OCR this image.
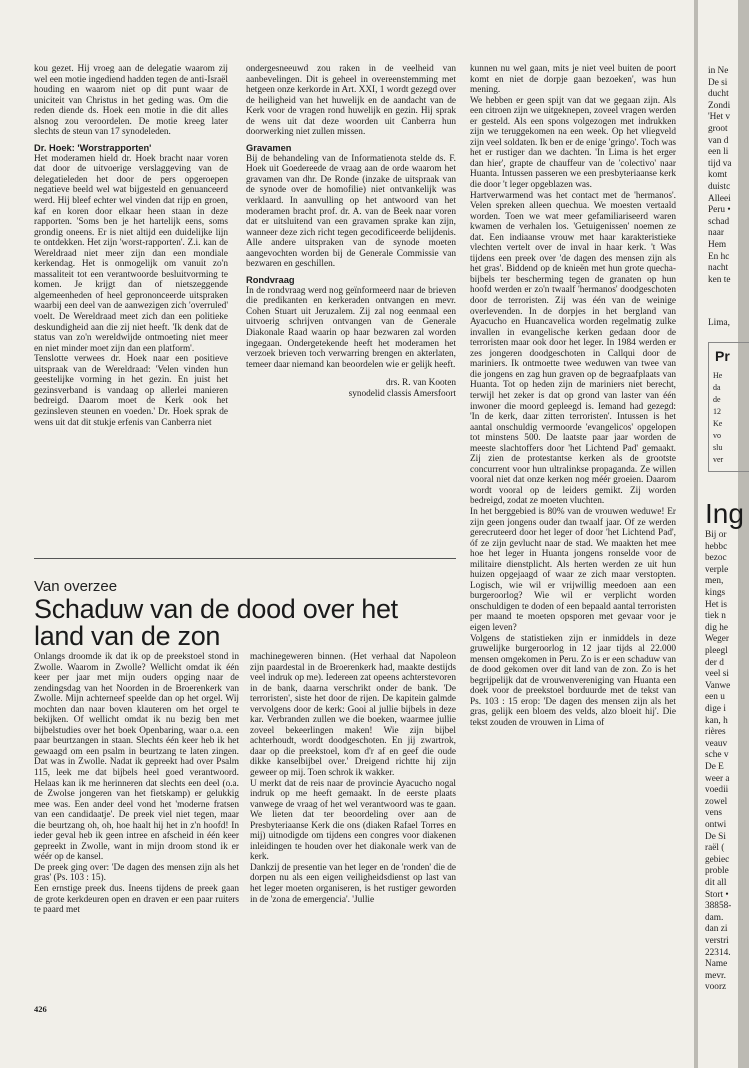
kou gezet. Hij vroeg aan de delegatie waarom zij wel een motie ingediend hadden tegen de anti-Israël houding en waarom niet op dit punt waar de uniciteit van Christus in het geding was. Om die reden diende ds. Hoek een motie in die dit alles alsnog zou veroordelen. De motie kreeg later slechts de steun van 17 synodeleden.

Dr. Hoek: 'Worstrapporten'

Het moderamen hield dr. Hoek bracht naar voren dat door de uitvoerige verslaggeving van de delegatieleden het door de pers opgeroepen negatieve beeld wel wat bijgesteld en genuanceerd werd. Hij bleef echter wel vinden dat rijp en groen, kaf en koren door elkaar heen staan in deze rapporten. 'Soms ben je het hartelijk eens, soms grondig oneens. Er is niet altijd een duidelijke lijn te ontdekken. Het zijn 'worst-rapporten'. Z.i. kan de Wereldraad niet meer zijn dan een mondiale kerkendag. Het is onmogelijk om vanuit zo'n massaliteit tot een verantwoorde besluitvorming te komen. Je krijgt dan of nietszeggende algemeenheden of heel geprononceerde uitspraken waarbij een deel van de aanwezigen zich 'overruled' voelt. De Wereldraad meet zich dan een politieke deskundigheid aan die zij niet heeft. 'Ik denk dat de status van zo'n wereldwijde ontmoeting niet meer en niet minder moet zijn dan een platform'.

Tenslotte verwees dr. Hoek naar een positieve uitspraak van de Wereldraad: 'Velen vinden hun geestelijke vorming in het gezin. En juist het gezinsverband is vandaag op allerlei manieren bedreigd. Daarom moet de Kerk ook het gezinsleven steunen en voeden.' Dr. Hoek sprak de wens uit dat dit stukje erfenis van Canberra niet

ondergesneeuwd zou raken in de veelheid van aanbevelingen. Dit is geheel in overeenstemming met hetgeen onze kerkorde in Art. XXI, 1 wordt gezegd over de heiligheid van het huwelijk en de aandacht van de Kerk voor de vragen rond huwelijk en gezin. Hij sprak de wens uit dat deze woorden uit Canberra hun doorwerking niet zullen missen.

Gravamen

Bij de behandeling van de Informatienota stelde ds. F. Hoek uit Goedereede de vraag aan de orde waarom het gravamen van dhr. De Ronde (inzake de uitspraak van de synode over de homofilie) niet ontvankelijk was verklaard. In aanvulling op het antwoord van het moderamen bracht prof. dr. A. van de Beek naar voren dat er uitsluitend van een gravamen sprake kan zijn, wanneer deze zich richt tegen gecodificeerde belijdenis. Alle andere uitspraken van de synode moeten aangevochten worden bij de Generale Commissie van bezwaren en geschillen.

Rondvraag

In de rondvraag werd nog geïnformeerd naar de brieven die predikanten en kerkeraden ontvangen en mevr. Cohen Stuart uit Jeruzalem. Zij zal nog eenmaal een uitvoerig schrijven ontvangen van de Generale Diakonale Raad waarin op haar bezwaren zal worden ingegaan. Ondergetekende heeft het moderamen het verzoek brieven toch verwarring brengen en akterlaten, temeer daar niemand kan beoordelen wie er gelijk heeft.

drs. R. van Kooten
synodelid classis Amersfoort
Van overzee
Schaduw van de dood over het land van de zon

Onlangs droomde ik dat ik op de preekstoel stond in Zwolle. Waarom in Zwolle? Wellicht omdat ik één keer per jaar met mijn ouders opging naar de zendingsdag van het Noorden in de Broerenkerk van Zwolle. Mijn achterneef speelde dan op het orgel. Wij mochten dan naar boven klauteren om het orgel te bekijken. Of wellicht omdat ik nu bezig ben met bijbelstudies over het boek Openbaring, waar o.a. een paar beurtzangen in staan. Slechts één keer heb ik het gewaagd om een psalm in beurtzang te laten zingen. Dat was in Zwolle. Nadat ik gepreekt had over Psalm 115, leek me dat bijbels heel goed verantwoord. Helaas kan ik me herinneren dat slechts een deel (o.a. de Zwolse jongeren van het fietskamp) er gelukkig mee was. Een ander deel vond het 'moderne fratsen van een candidaatje'. De preek viel niet tegen, maar die beurtzang oh, oh, hoe haalt hij het in z'n hoofd! In ieder geval heb ik geen intree en afscheid in één keer gepreekt in Zwolle, want in mijn droom stond ik er wéér op de kansel.

De preek ging over: 'De dagen des mensen zijn als het gras' (Ps. 103 : 15).

Een ernstige preek dus. Ineens tijdens de preek gaan de grote kerkdeuren open en draven er een paar ruiters te paard met

machinegeweren binnen. (Het verhaal dat Napoleon zijn paardestal in de Broerenkerk had, maakte destijds veel indruk op me). Iedereen zat opeens achterstevoren in de bank, daarna verschrikt onder de bank. 'De terroristen', siste het door de rijen. De kapitein galmde vervolgens door de kerk: Gooi al jullie bijbels in deze kar. Verbranden zullen we die boeken, waarmee jullie zoveel bekeerlingen maken! Wie zijn bijbel achterhoudt, wordt doodgeschoten. En jij zwartrok, daar op die preekstoel, kom d'r af en geef die oude dikke kanselbijbel over.' Dreigend richtte hij zijn geweer op mij. Toen schrok ik wakker.

U merkt dat de reis naar de provincie Ayacucho nogal indruk op me heeft gemaakt. In de eerste plaats vanwege de vraag of het wel verantwoord was te gaan. We lieten dat ter beoordeling over aan de Presbyteriaanse Kerk die ons (diaken Rafael Torres en mij) uitnodigde om tijdens een congres voor diakenen inleidingen te houden over het diakonale werk van de kerk.

Dankzij de presentie van het leger en de 'ronden' die de dorpen nu als een eigen veiligheidsdienst op last van het leger moeten organiseren, is het rustiger geworden in de 'zona de emergencia'. 'Jullie

kunnen nu wel gaan, mits je niet veel buiten de poort komt en niet de dorpje gaan bezoeken', was hun mening.

We hebben er geen spijt van dat we gegaan zijn. Als een citroen zijn we uitgeknepen, zoveel vragen werden er gesteld. Als een spons volgezogen met indrukken zijn we teruggekomen na een week. Op het vliegveld zijn veel soldaten. Ik ben er de enige 'gringo'. Toch was het er rustiger dan we dachten. 'In Lima is het erger dan hier', grapte de chauffeur van de 'colectivo' naar Huanta. Intussen passeren we een presbyteriaanse kerk die door 't leger opgeblazen was.

Hartverwarmend was het contact met de 'hermanos'. Velen spreken alleen quechua. We moesten vertaald worden. Toen we wat meer gefamiliariseerd waren kwamen de verhalen los. 'Getuigenissen' noemen ze dat. Een indiaanse vrouw met haar karakteristieke vlechten vertelt over de inval in haar kerk. 't Was tijdens een preek over 'de dagen des mensen zijn als het gras'. Biddend op de knieën met hun grote quecha-bijbels ter bescherming tegen de granaten op hun hoofd werden er zo'n twaalf 'hermanos' doodgeschoten door de terroristen. Zij was één van de weinige overlevenden. In de dorpjes in het bergland van Ayacucho en Huancavelica worden regelmatig zulke invallen in evangelische kerken gedaan door de terroristen maar ook door het leger. In 1984 werden er zes jongeren doodgeschoten in Callqui door de mariniers. Ik ontmoette twee weduwen van twee van die jongens en zag hun graven op de begraafplaats van Huanta. Tot op heden zijn de mariniers niet berecht, terwijl het zeker is dat op grond van laster van één inwoner die moord gepleegd is. Iemand had gezegd: 'In de kerk, daar zitten terroristen'. Intussen is het aantal onschuldig vermoorde 'evangelicos' opgelopen tot minstens 500. De laatste paar jaar worden de meeste slachtoffers door 'het Lichtend Pad' gemaakt. Zij zien de protestantse kerken als de grootste concurrent voor hun ultralinkse propaganda. Ze willen vooral niet dat onze kerken nog méér groeien. Daarom wordt vooral op de leiders gemikt. Zij worden bedreigd, zodat ze moeten vluchten.

In het berggebied is 80% van de vrouwen weduwe! Er zijn geen jongens ouder dan twaalf jaar. Of ze werden gerecruteerd door het leger of door 'het Lichtend Pad', óf ze zijn gevlucht naar de stad. We maakten het mee hoe het leger in Huanta jongens ronselde voor de militaire dienstplicht. Als herten werden ze uit hun huizen opgejaagd of waar ze zich maar verstopten. Logisch, wie wil er vrijwillig meedoen aan een burgeroorlog? Wie wil er verplicht worden onschuldigen te doden of een bepaald aantal terroristen per maand te moeten opsporen met gevaar voor je eigen leven?

Volgens de statistieken zijn er inmiddels in deze gruwelijke burgeroorlog in 12 jaar tijds al 22.000 mensen omgekomen in Peru. Zo is er een schaduw van de dood gekomen over dit land van de zon. Zo is het begrijpelijk dat de vrouwenvereniging van Huanta een doek voor de preekstoel borduurde met de tekst van Ps. 103 : 15 erop: 'De dagen des mensen zijn als het gras, gelijk een bloem des velds, alzo bloeit hij'. Die tekst zouden de vrouwen in Lima of

426
in Ne
De si
ducht
Zondi
'Het v
groot
van d
een li
tijd va
komt
duistc
Alleei
Peru •
schad
naar
Hem
En hc
nacht
ken te
Lima,
Pr
He
da
de
12
Ke
vo
slu
ver
Ing
Bij or
hebbc
bezoc
verple
men,
kings
Het is
tiek n
dig he
Weger
pleegl
der d
veel si
Vanwe
een u
dige i
kan, h
rières
veauv
sche v
De E
weer a
voedii
zowel
vens
ontwi
De Si
raël (
gebiec
proble
dit all
Stort •
38858-
dam.
dan zi
verstri
22314.
Name
mevr.
voorz
